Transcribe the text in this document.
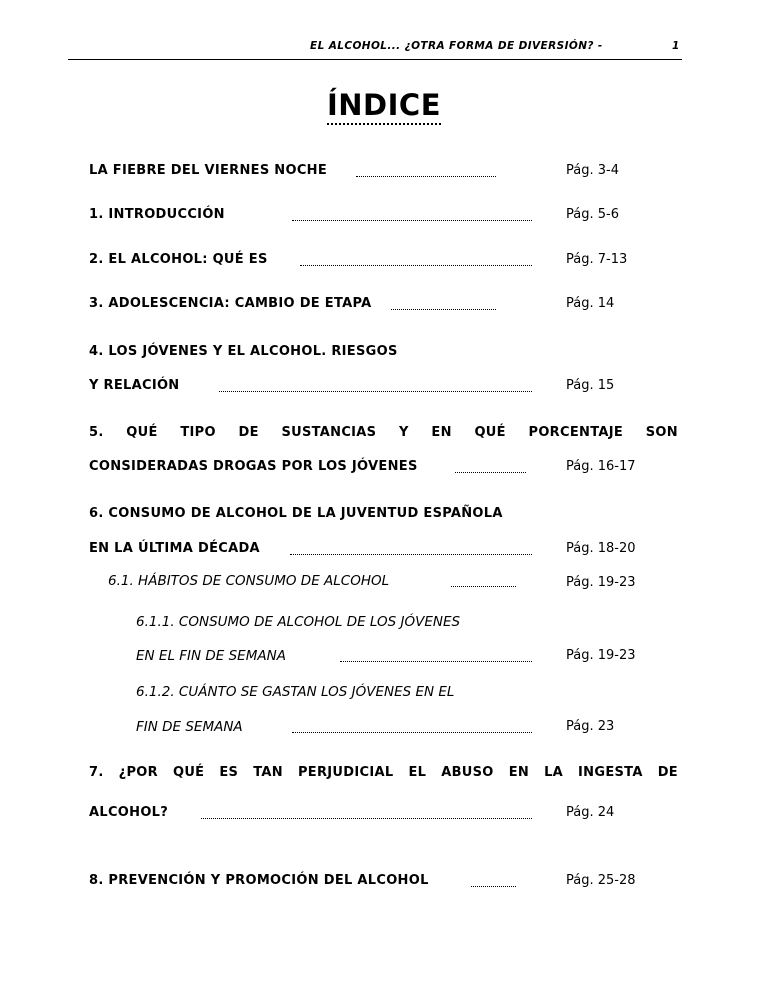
EL ALCOHOL... ¿OTRA FORMA DE DIVERSIÓN? -	1
ÍNDICE
LA FIEBRE DEL VIERNES NOCHE	Pág. 3-4
1. INTRODUCCIÓN	Pág. 5-6
2. EL ALCOHOL: QUÉ ES	Pág. 7-13
3. ADOLESCENCIA: CAMBIO DE ETAPA	Pág. 14
4. LOS JÓVENES Y EL ALCOHOL. RIESGOS
Y RELACIÓN	Pág. 15
5. QUÉ TIPO DE SUSTANCIAS Y EN QUÉ PORCENTAJE SON
CONSIDERADAS DROGAS POR LOS JÓVENES	Pág. 16-17
6. CONSUMO DE ALCOHOL DE LA JUVENTUD ESPAÑOLA
EN LA ÚLTIMA DÉCADA	Pág. 18-20
6.1. HÁBITOS DE CONSUMO DE ALCOHOL	Pág. 19-23
6.1.1. CONSUMO DE ALCOHOL DE LOS JÓVENES
EN EL FIN DE SEMANA	Pág. 19-23
6.1.2. CUÁNTO SE GASTAN LOS JÓVENES EN EL
FIN DE SEMANA	Pág. 23
7. ¿POR QUÉ ES TAN PERJUDICIAL EL ABUSO EN LA INGESTA DE
ALCOHOL?	Pág. 24
8. PREVENCIÓN Y PROMOCIÓN DEL ALCOHOL	Pág. 25-28
